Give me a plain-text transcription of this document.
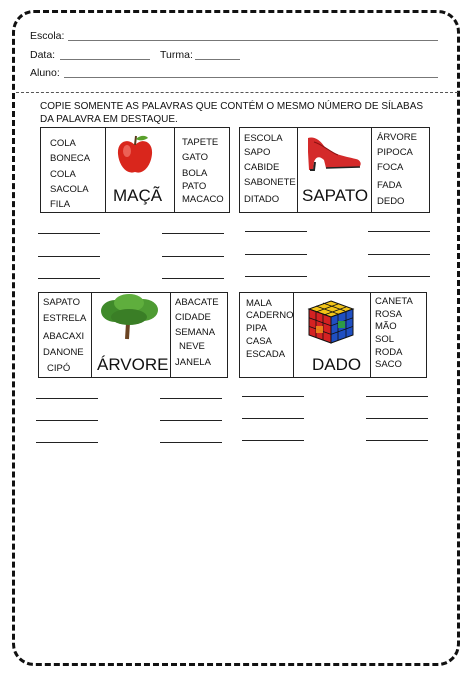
Escola:
Data:	Turma:
Aluno:
COPIE SOMENTE AS PALAVRAS QUE CONTÉM O MESMO NÚMERO DE SÍLABAS DA PALAVRA EM DESTAQUE.
COLA
BONECA
COLA
SACOLA
FILA	MAÇÃ
TAPETE
GATO
BOLA
PATO
MACACO
ESCOLA
SAPO
CABIDE
SABONETE
DITADO SAPATO
ÁRVORE
PIPOCA
FOCA
FADA
DEDO
SAPATO
ESTRELA
ABACAXI
DANONE
CIPÓ ÁRVORE
ABACATE
CIDADE
SEMANA
NEVE
JANELA
MALA
CADERNO
PIPA
CASA
ESCADA
DADO
CANETA
ROSA
MÃO
SOL
RODA
SACO
